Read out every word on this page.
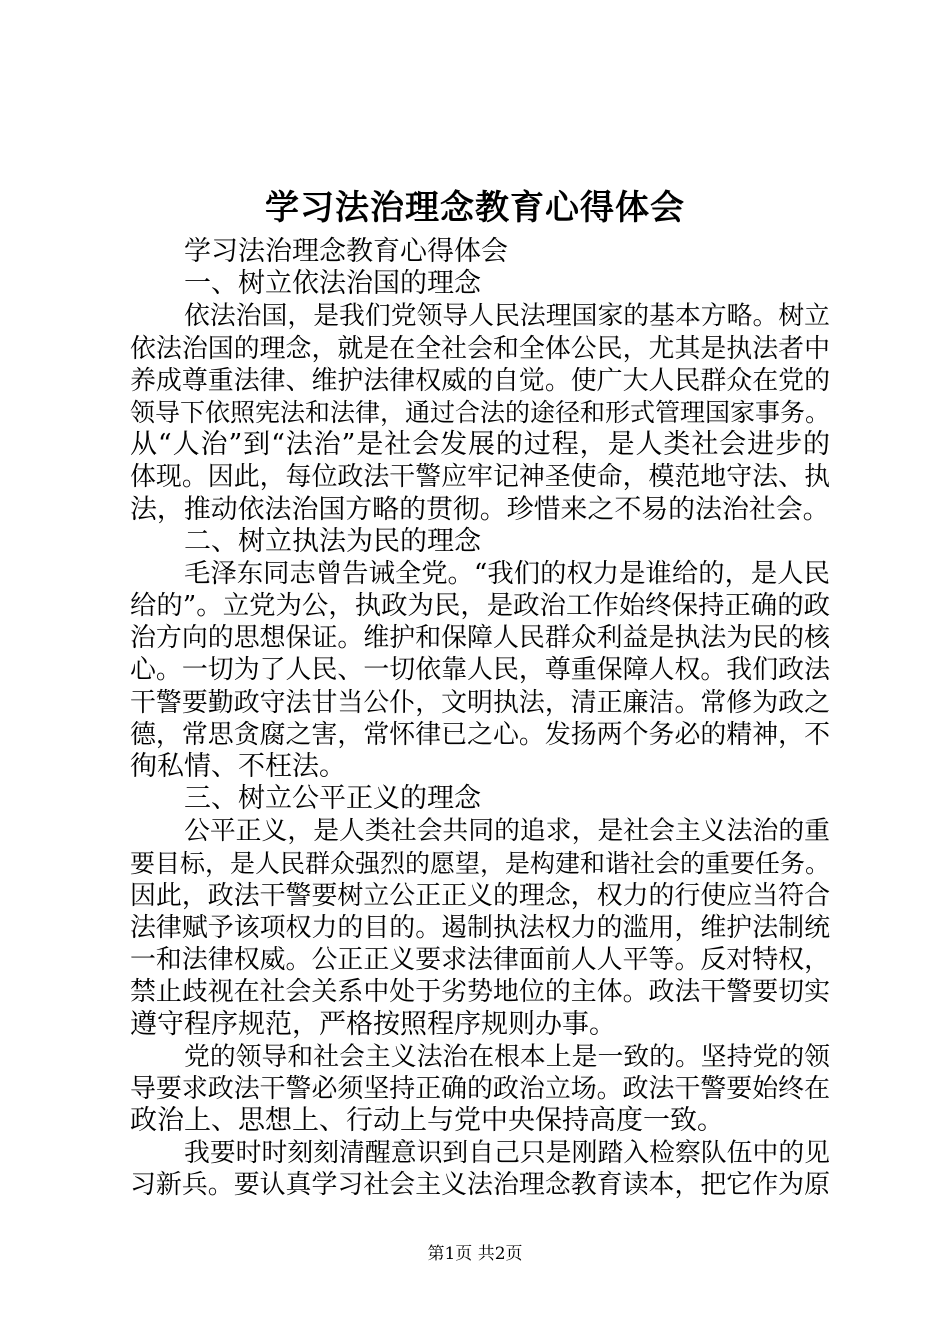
学习法治理念教育心得体会
学习法治理念教育心得体会
一、树立依法治国的理念
依法治国，是我们党领导人民法理国家的基本方略。树立
依法治国的理念，就是在全社会和全体公民，尤其是执法者中
养成尊重法律、维护法律权威的自觉。使广大人民群众在党的
领导下依照宪法和法律，通过合法的途径和形式管理国家事务。
从“人治”到“法治”是社会发展的过程，是人类社会进步的
体现。因此，每位政法干警应牢记神圣使命，模范地守法、执
法，推动依法治国方略的贯彻。珍惜来之不易的法治社会。
二、树立执法为民的理念
毛泽东同志曾告诫全党。“我们的权力是谁给的，是人民
给的”。立党为公，执政为民，是政治工作始终保持正确的政
治方向的思想保证。维护和保障人民群众利益是执法为民的核
心。一切为了人民、一切依靠人民，尊重保障人权。我们政法
干警要勤政守法甘当公仆，文明执法，清正廉洁。常修为政之
德，常思贪腐之害，常怀律已之心。发扬两个务必的精神，不
徇私情、不枉法。
三、树立公平正义的理念
公平正义，是人类社会共同的追求，是社会主义法治的重
要目标，是人民群众强烈的愿望，是构建和谐社会的重要任务。
因此，政法干警要树立公正正义的理念，权力的行使应当符合
法律赋予该项权力的目的。遏制执法权力的滥用，维护法制统
一和法律权威。公正正义要求法律面前人人平等。反对特权，
禁止歧视在社会关系中处于劣势地位的主体。政法干警要切实
遵守程序规范，严格按照程序规则办事。
党的领导和社会主义法治在根本上是一致的。坚持党的领
导要求政法干警必须坚持正确的政治立场。政法干警要始终在
政治上、思想上、行动上与党中央保持高度一致。
我要时时刻刻清醒意识到自己只是刚踏入检察队伍中的见
习新兵。要认真学习社会主义法治理念教育读本，把它作为原
第1页 共2页
